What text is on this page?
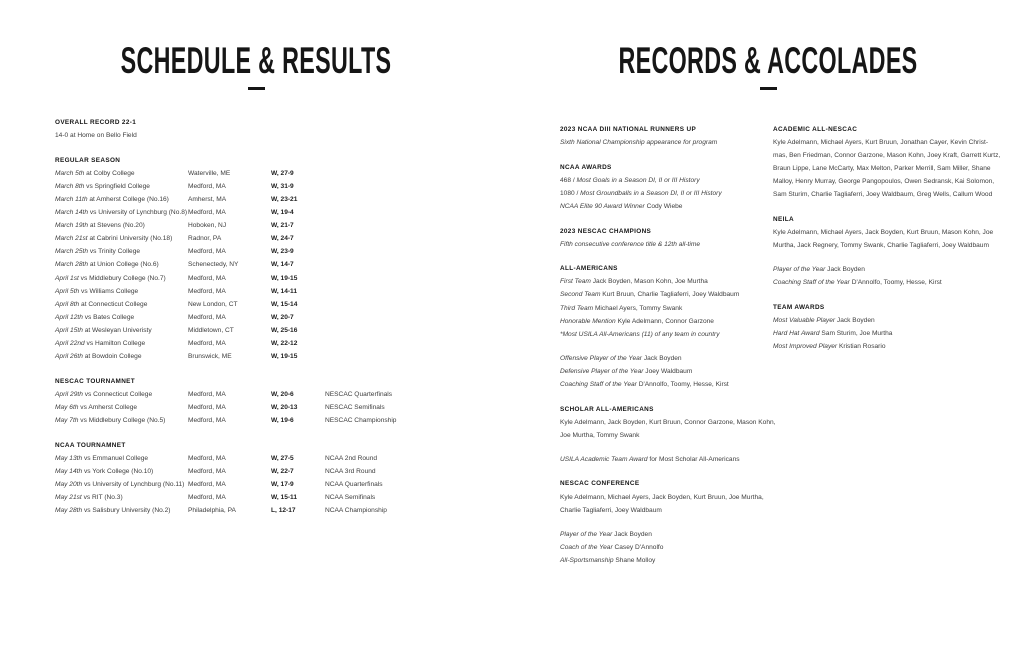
SCHEDULE & RESULTS
OVERALL RECORD 22-1

14-0 at Home on Bello Field

REGULAR SEASON
March 5th at Colby College	Waterville, ME	W, 27-9
March 8th vs Springfield College	Medford, MA	W, 31-9
March 11th at Amherst College (No.16)	Amherst, MA	W, 23-21
March 14th vs University of Lynchburg (No.8) Medford, MA	W, 19-4
March 19th at Stevens (No.20)	Hoboken, NJ	W, 21-7
March 21st at Cabrini University (No.18)	Radnor, PA	W, 24-7
March 25th vs Trinity College	Medford, MA	W, 23-9
March 28th at Union College (No.6)	Schenectedy, NY	W, 14-7
April 1st vs Middlebury College (No.7)	Medford, MA	W, 19-15
April 5th vs Williams College	Medford, MA	W, 14-11
April 8th at Connecticut College	New London, CT	W, 15-14
April 12th vs Bates College	Medford, MA	W, 20-7
April 15th at Wesleyan Univeristy	Middletown, CT	W, 25-16
April 22nd vs Hamilton College	Medford, MA	W, 22-12
April 26th at Bowdoin College	Brunswick, ME	W, 19-15
NESCAC TOURNAMNET
April 29th vs Connecticut College	Medford, MA	W, 20-6	NESCAC Quarterfinals
May 6th vs Amherst College	Medford, MA	W, 20-13	NESCAC Semifinals
May 7th vs Middlebury College (No.5)	Medford, MA	W, 19-6	NESCAC Championship
NCAA TOURNAMNET
May 13th vs Emmanuel College	Medford, MA	W, 27-5	NCAA 2nd Round
May 14th vs York College (No.10)	Medford, MA	W, 22-7	NCAA 3rd Round
May 20th vs University of Lynchburg (No.11) Medford, MA	W, 17-9	NCAA Quarterfinals
May 21st vs RIT (No.3)	Medford, MA	W, 15-11	NCAA Semifinals
May 28th vs Salisbury University (No.2)	Philadelphia, PA	L, 12-17	NCAA Championship
RECORDS & ACCOLADES
2023 NCAA DIII NATIONAL RUNNERS UP

Sixth National Championship appearance for program

NCAA AWARDS

468 / Most Goals in a Season DI, II or III History

1080 / Most Groundballs in a Season DI, II or III History

NCAA Elite 90 Award Winner Cody Wiebe

2023 NESCAC CHAMPIONS

Fifth consecutive conference title & 12th all-time

ALL-AMERICANS

First Team Jack Boyden, Mason Kohn, Joe Murtha

Second Team Kurt Bruun, Charlie Tagliaferri, Joey Waldbaum

Third Team Michael Ayers, Tommy Swank

Honorable Mention Kyle Adelmann, Connor Garzone

*Most USILA All-Americans (11) of any team in country

Offensive Player of the Year Jack Boyden

Defensive Player of the Year Joey Waldbaum

Coaching Staff of the Year D'Annolfo, Toomy, Hesse, Kirst

SCHOLAR ALL-AMERICANS

Kyle Adelmann, Jack Boyden, Kurt Bruun, Connor Garzone, Mason Kohn,

Joe Murtha, Tommy Swank

USILA Academic Team Award for Most Scholar All-Americans

NESCAC CONFERENCE

Kyle Adelmann, Michael Ayers, Jack Boyden, Kurt Bruun, Joe Murtha,

Charlie Tagliaferri, Joey Waldbaum

Player of the Year Jack Boyden

Coach of the Year Casey D'Annolfo

All-Sportsmanship Shane Molloy

ACADEMIC ALL-NESCAC

Kyle Adelmann, Michael Ayers, Kurt Bruun, Jonathan Cayer, Kevin Christ-

mas, Ben Friedman, Connor Garzone, Mason Kohn, Joey Kraft, Garrett Kurtz,

Braun Lippe, Lane McCarty, Max Melton, Parker Merrill, Sam Miller, Shane

Malloy, Henry Murray, George Pangopoulos, Owen Sedransk, Kai Solomon,

Sam Sturim, Charlie Tagliaferri, Joey Waldbaum, Greg Wells, Callum Wood

NEILA

Kyle Adelmann, Michael Ayers, Jack Boyden, Kurt Bruun, Mason Kohn, Joe

Murtha, Jack Regnery, Tommy Swank, Charlie Tagliaferri, Joey Waldbaum

Player of the Year Jack Boyden

Coaching Staff of the Year D'Annolfo, Toomy, Hesse, Kirst

TEAM AWARDS

Most Valuable Player Jack Boyden

Hard Hat Award Sam Sturim, Joe Murtha

Most Improved Player Kristian Rosario
